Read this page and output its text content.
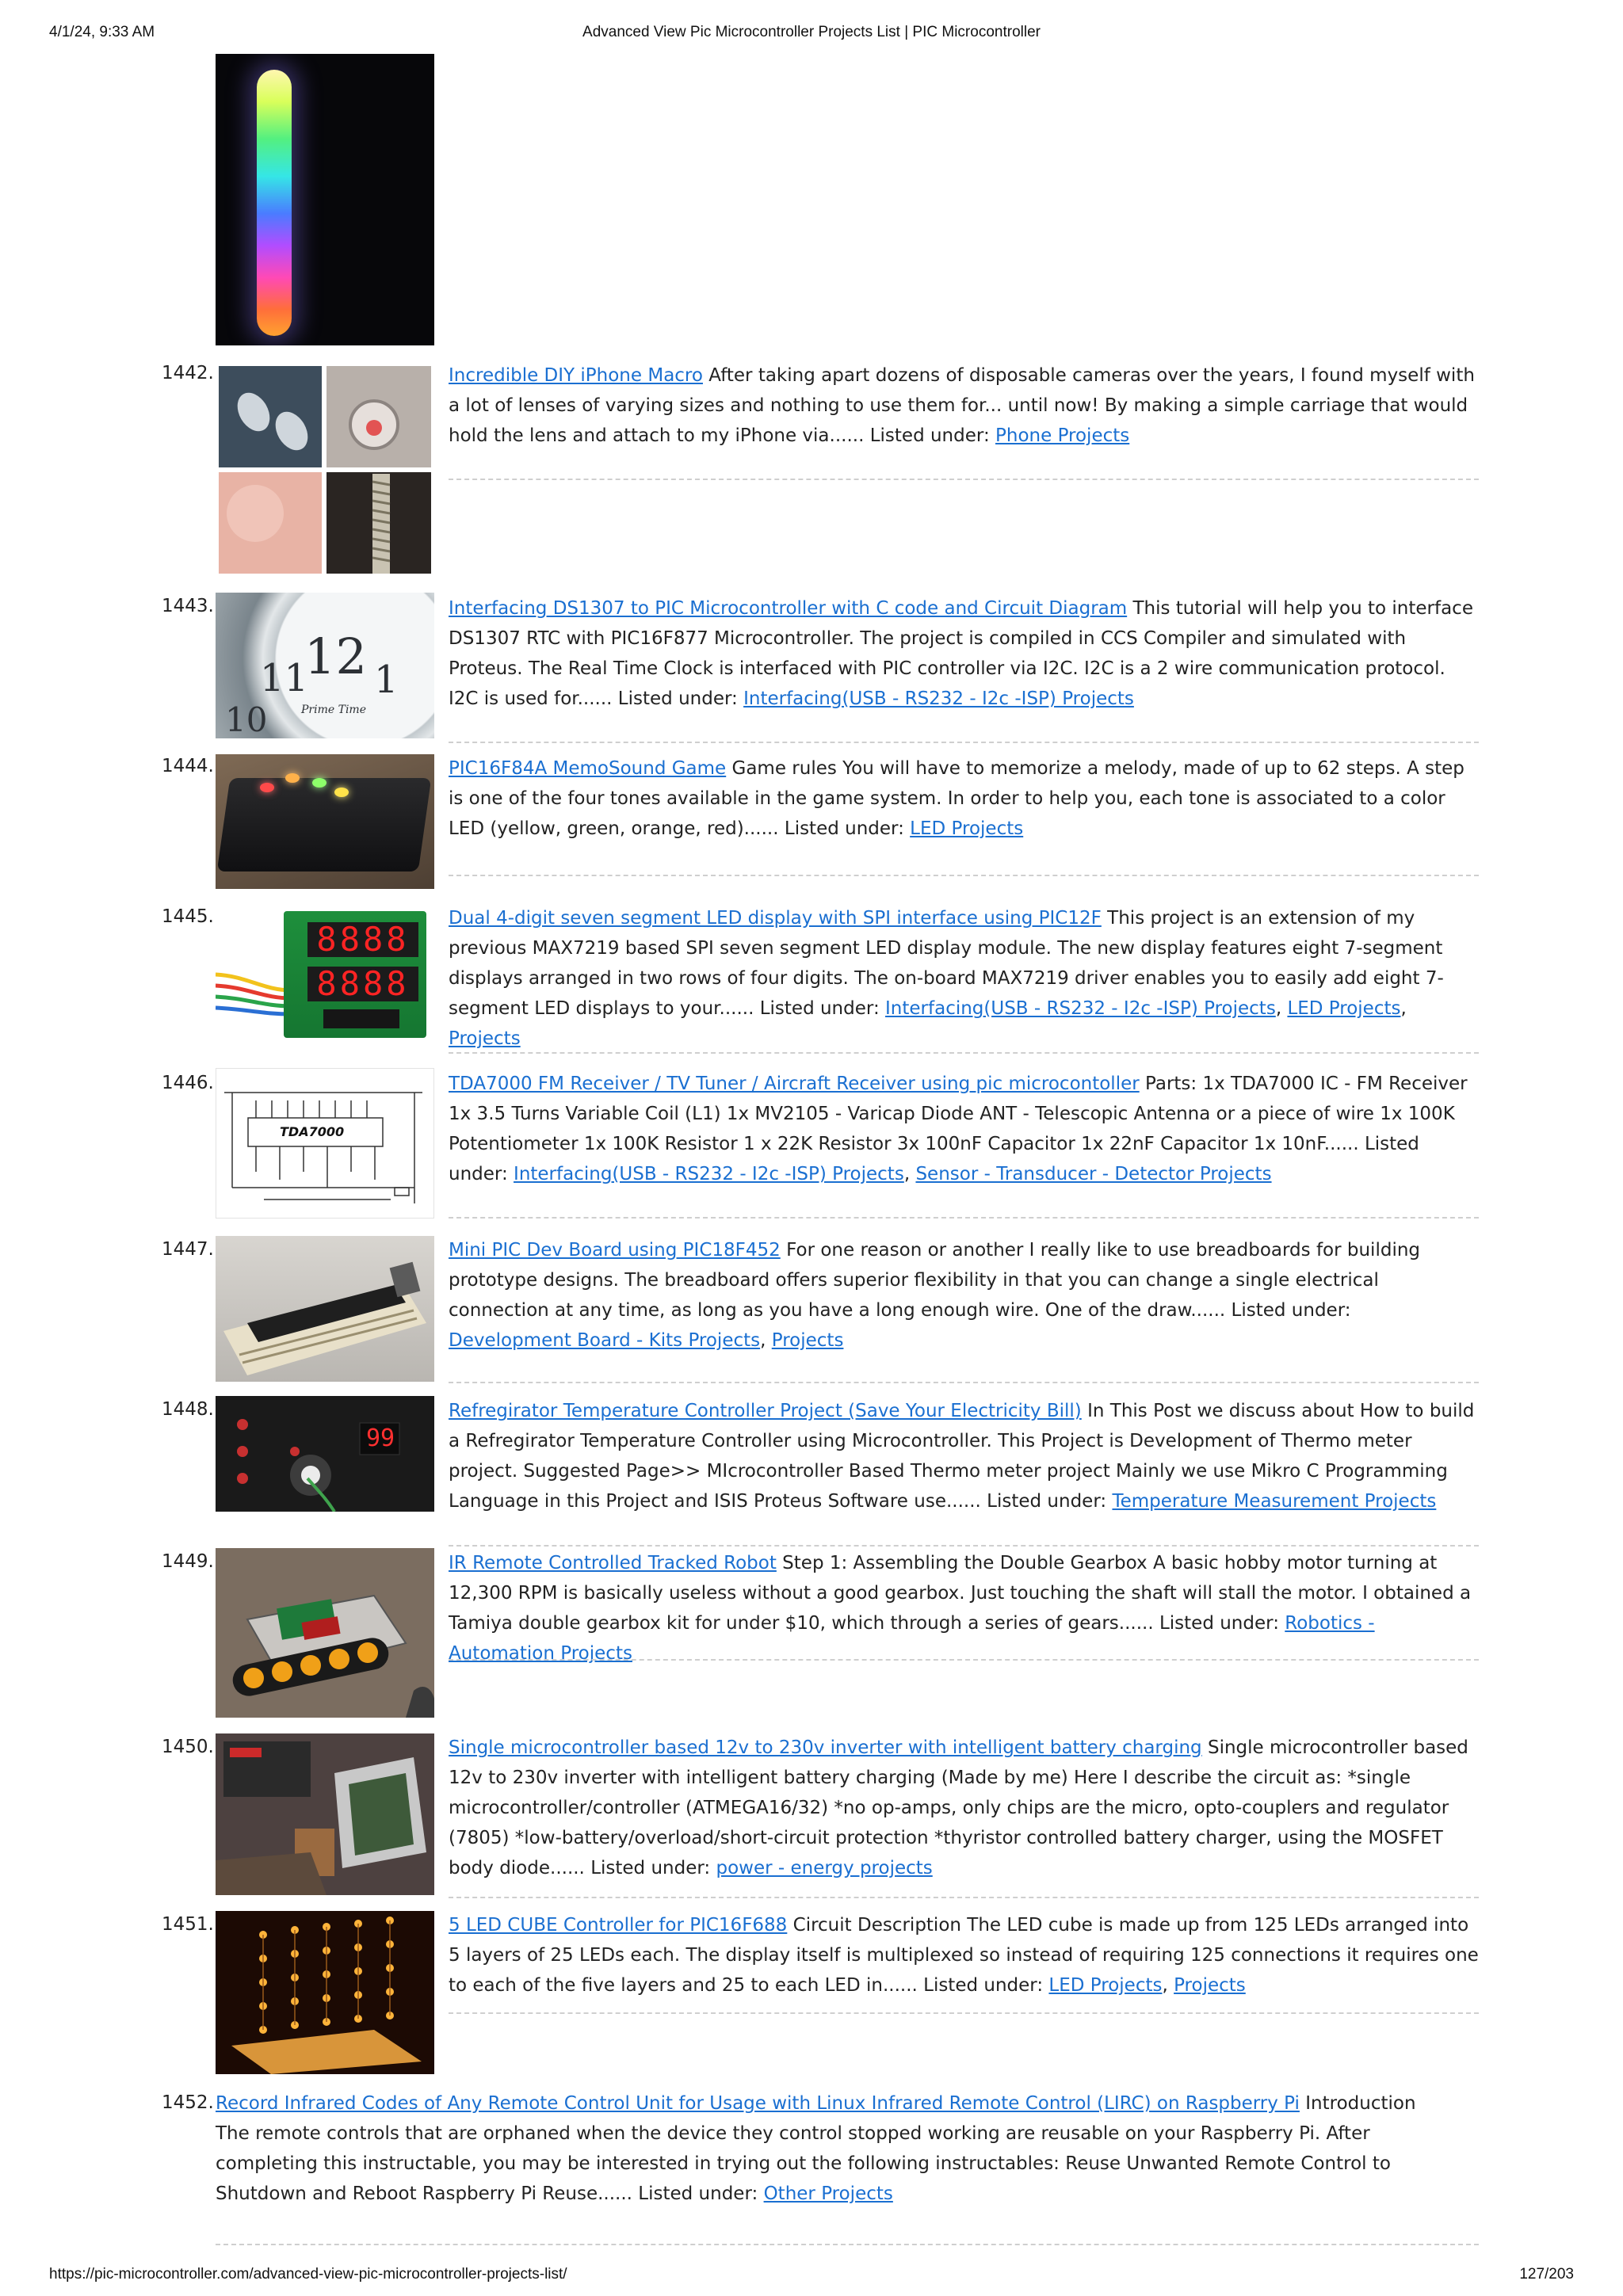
4/1/24, 9:33 AM	Advanced View Pic Microcontroller Projects List | PIC Microcontroller
1442.	Incredible DIY iPhone Macro After taking apart dozens of disposable cameras over the years, I found myself with a lot of lenses of varying sizes and nothing to use them for... until now! By making a simple carriage that would hold the lens and attach to my iPhone via...... Listed under: Phone Projects
1443.
12
11 1
10	Prime Time
Interfacing DS1307 to PIC Microcontroller with C code and Circuit Diagram This tutorial will help you to interface DS1307 RTC with PIC16F877 Microcontroller. The project is compiled in CCS Compiler and simulated with Proteus. The Real Time Clock is interfaced with PIC controller via I2C. I2C is a 2 wire communication protocol. I2C is used for...... Listed under: Interfacing(USB - RS232 - I2c -ISP) Projects
1444.	PIC16F84A MemoSound Game Game rules You will have to memorize a melody, made of up to 62 steps. A step is one of the four tones available in the game system. In order to help you, each tone is associated to a color LED (yellow, green, orange, red)...... Listed under: LED Projects
1445.
8888
8888
Dual 4-digit seven segment LED display with SPI interface using PIC12F This project is an extension of my previous MAX7219 based SPI seven segment LED display module. The new display features eight 7-segment displays arranged in two rows of four digits. The on-board MAX7219 driver enables you to easily add eight 7-segment LED displays to your...... Listed under: Interfacing(USB - RS232 - I2c -ISP) Projects, LED Projects, Projects
1446.
TDA7000
TDA7000 FM Receiver / TV Tuner / Aircraft Receiver using pic microcontoller Parts: 1x TDA7000 IC - FM Receiver 1x 3.5 Turns Variable Coil (L1) 1x MV2105 - Varicap Diode ANT - Telescopic Antenna or a piece of wire 1x 100K Potentiometer 1x 100K Resistor 1 x 22K Resistor 3x 100nF Capacitor 1x 22nF Capacitor 1x 10nF...... Listed under: Interfacing(USB - RS232 - I2c -ISP) Projects, Sensor - Transducer - Detector Projects
1447.	Mini PIC Dev Board using PIC18F452 For one reason or another I really like to use breadboards for building prototype designs. The breadboard offers superior flexibility in that you can change a single electrical connection at any time, as long as you have a long enough wire. One of the draw...... Listed under: Development Board - Kits Projects, Projects
1448.
99
Refregirator Temperature Controller Project (Save Your Electricity Bill) In This Post we discuss about How to build a Refregirator Temperature Controller using Microcontroller. This Project is Development of Thermo meter project. Suggested Page>> MIcrocontroller Based Thermo meter project Mainly we use Mikro C Programming Language in this Project and ISIS Proteus Software use...... Listed under: Temperature Measurement Projects
1449.	IR Remote Controlled Tracked Robot Step 1: Assembling the Double Gearbox A basic hobby motor turning at 12,300 RPM is basically useless without a good gearbox. Just touching the shaft will stall the motor. I obtained a Tamiya double gearbox kit for under $10, which through a series of gears...... Listed under: Robotics - Automation Projects
1450.	Single microcontroller based 12v to 230v inverter with intelligent battery charging Single microcontroller based 12v to 230v inverter with intelligent battery charging (Made by me) Here I describe the circuit as: *single microcontroller/controller (ATMEGA16/32) *no op-amps, only chips are the micro, opto-couplers and regulator (7805) *low-battery/overload/short-circuit protection *thyristor controlled battery charger, using the MOSFET body diode...... Listed under: power - energy projects
1451.	5 LED CUBE Controller for PIC16F688 Circuit Description The LED cube is made up from 125 LEDs arranged into 5 layers of 25 LEDs each. The display itself is multiplexed so instead of requiring 125 connections it requires one to each of the five layers and 25 to each LED in...... Listed under: LED Projects, Projects
1452. Record Infrared Codes of Any Remote Control Unit for Usage with Linux Infrared Remote Control (LIRC) on Raspberry Pi Introduction The remote controls that are orphaned when the device they control stopped working are reusable on your Raspberry Pi. After completing this instructable, you may be interested in trying out the following instructables: Reuse Unwanted Remote Control to Shutdown and Reboot Raspberry Pi Reuse...... Listed under: Other Projects
https://pic-microcontroller.com/advanced-view-pic-microcontroller-projects-list/	127/203
